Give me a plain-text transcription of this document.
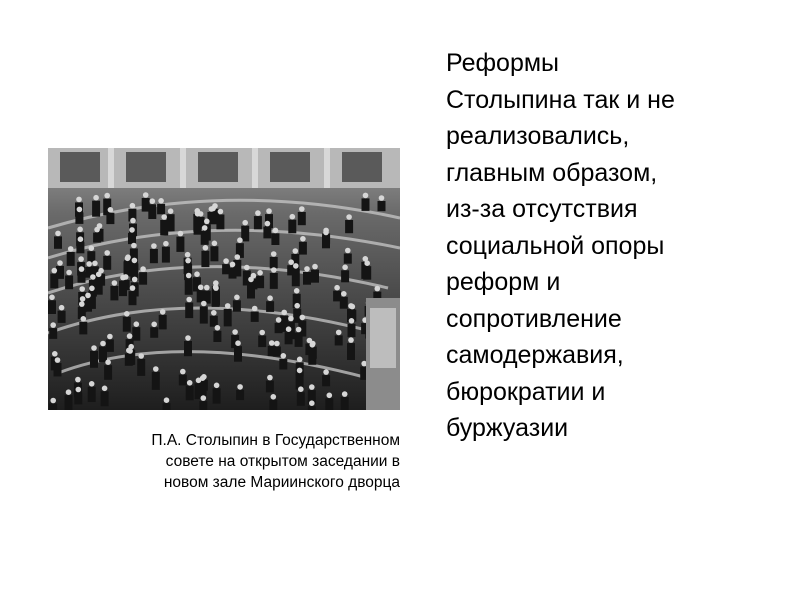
П.А. Столыпин в Государственном
совете на открытом заседании в
новом зале Мариинского дворца
Реформы
Столыпина так и не
реализовались,
главным образом,
из-за отсутствия
социальной опоры
реформ и
сопротивление
самодержавия,
бюрократии и
буржуазии
